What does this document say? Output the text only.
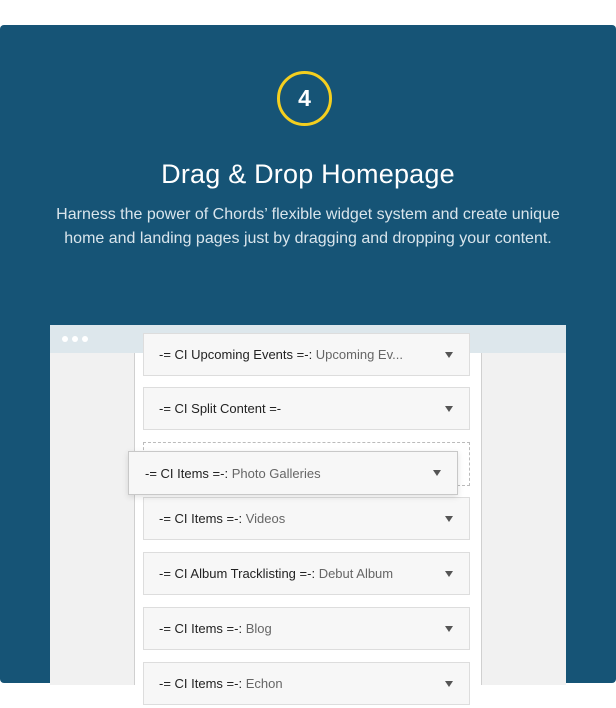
4
Drag & Drop Homepage
Harness the power of Chords’ flexible widget system and create unique home and landing pages just by dragging and dropping your content.
-= CI Upcoming Events =-: Upcoming Ev...
-= CI Split Content =-
-= CI Items =-: Videos
-= CI Album Tracklisting =-: Debut Album
-= CI Items =-: Blog
-= CI Items =-: Echon
-= CI Items =-: Photo Galleries
